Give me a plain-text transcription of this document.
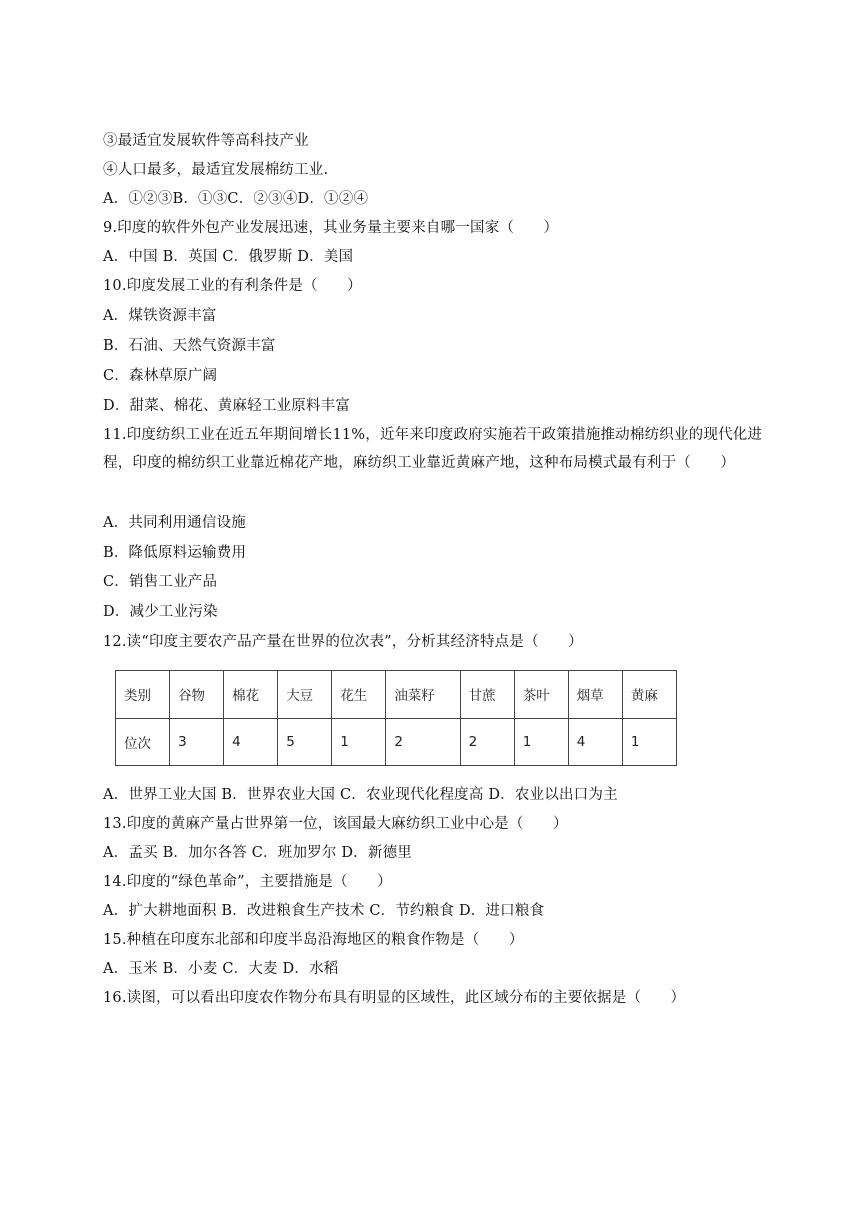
③最适宜发展软件等高科技产业
④人口最多，最适宜发展棉纺工业.
A．①②③B．①③C．②③④D．①②④
9.印度的软件外包产业发展迅速，其业务量主要来自哪一国家（　　）
A．中国 B．英国 C．俄罗斯 D．美国
10.印度发展工业的有利条件是（　　）
A．煤铁资源丰富
B．石油、天然气资源丰富
C．森林草原广阔
D．甜菜、棉花、黄麻轻工业原料丰富
11.印度纺织工业在近五年期间增长11%，近年来印度政府实施若干政策措施推动棉纺织业的现代化进程，印度的棉纺织工业靠近棉花产地，麻纺织工业靠近黄麻产地，这种布局模式最有利于（　　）
A．共同利用通信设施
B．降低原料运输费用
C．销售工业产品
D．减少工业污染
12.读“印度主要农产品产量在世界的位次表”，分析其经济特点是（　　）
类别	谷物	棉花	大豆	花生	油菜籽	甘蔗	茶叶	烟草	黄麻
位次	3	4	5	1	2	2	1	4	1
A．世界工业大国 B．世界农业大国 C．农业现代化程度高 D．农业以出口为主
13.印度的黄麻产量占世界第一位，该国最大麻纺织工业中心是（　　）
A．孟买 B．加尔各答 C．班加罗尔 D．新德里
14.印度的“绿色革命”，主要措施是（　　）
A．扩大耕地面积 B．改进粮食生产技术 C．节约粮食 D．进口粮食
15.种植在印度东北部和印度半岛沿海地区的粮食作物是（　　）
A．玉米 B．小麦 C．大麦 D．水稻
16.读图，可以看出印度农作物分布具有明显的区域性，此区域分布的主要依据是（　　）
